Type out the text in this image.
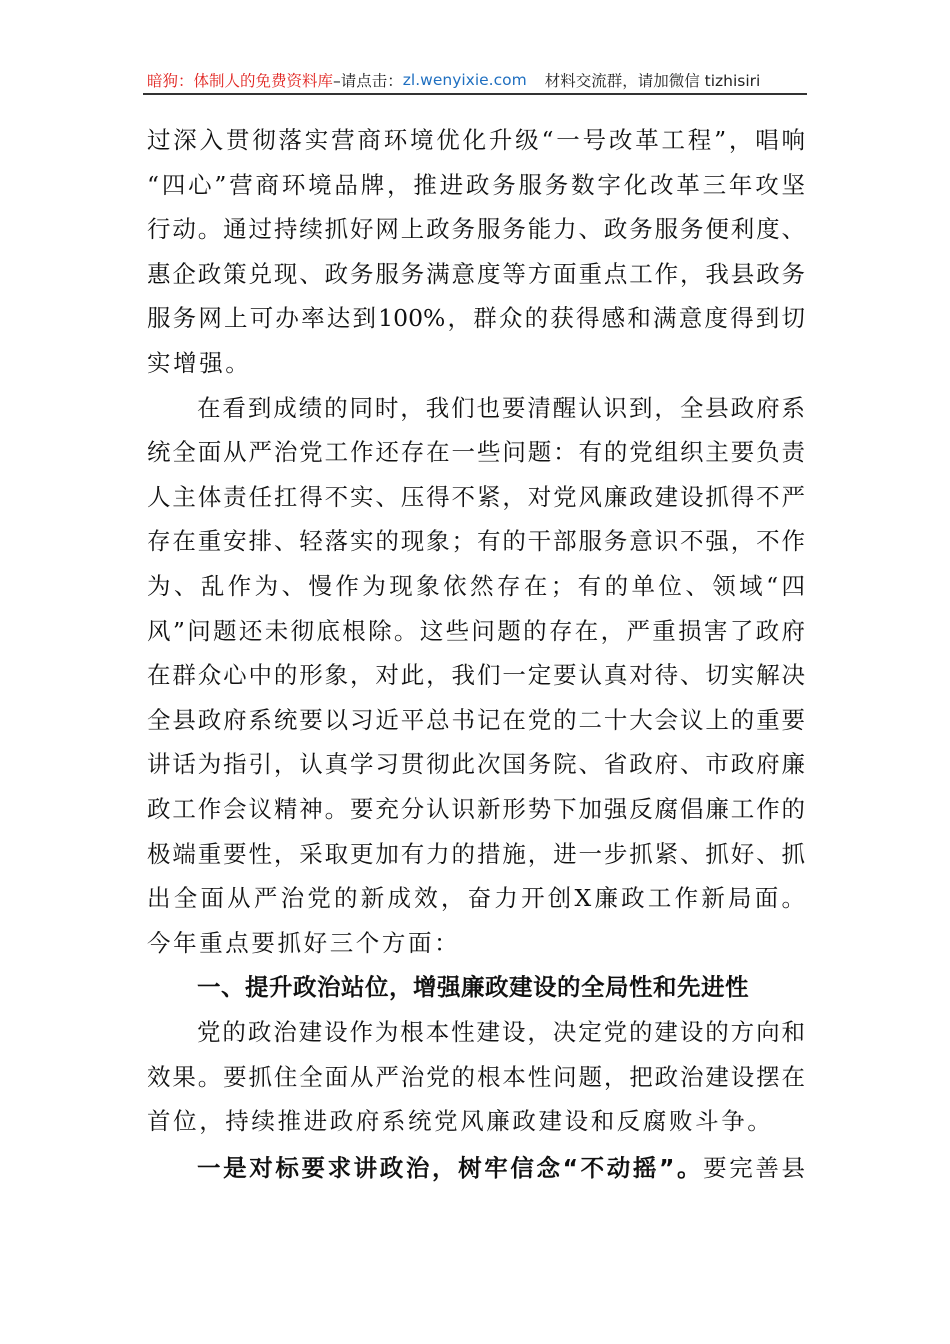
暗狗：体制人的免费资料库 –请点击： zl.wenyixie.com 材料交流群，请加微信 tizhisiri
过深入贯彻落实营商环境优化升级“一号改革工程”，唱响
“四心”营商环境品牌，推进政务服务数字化改革三年攻坚
行动。通过持续抓好网上政务服务能力、政务服务便利度、
惠企政策兑现、政务服务满意度等方面重点工作，我县政务
服务网上可办率达到100%，群众的获得感和满意度得到切
实增强。
在看到成绩的同时，我们也要清醒认识到，全县政府系
统全面从严治党工作还存在一些问题：有的党组织主要负责
人主体责任扛得不实、压得不紧，对党风廉政建设抓得不严
存在重安排、轻落实的现象；有的干部服务意识不强，不作
为、乱作为、慢作为现象依然存在；有的单位、领域“四
风”问题还未彻底根除。这些问题的存在，严重损害了政府
在群众心中的形象，对此，我们一定要认真对待、切实解决
全县政府系统要以习近平总书记在党的二十大会议上的重要
讲话为指引，认真学习贯彻此次国务院、省政府、市政府廉
政工作会议精神。要充分认识新形势下加强反腐倡廉工作的
极端重要性，采取更加有力的措施，进一步抓紧、抓好、抓
出全面从严治党的新成效，奋力开创X廉政工作新局面。
今年重点要抓好三个方面：
一、提升政治站位，增强廉政建设的全局性和先进性
党的政治建设作为根本性建设，决定党的建设的方向和
效果。要抓住全面从严治党的根本性问题，把政治建设摆在
首位，持续推进政府系统党风廉政建设和反腐败斗争。
一是对标要求讲政治，树牢信念“不动摇”。要完善县
